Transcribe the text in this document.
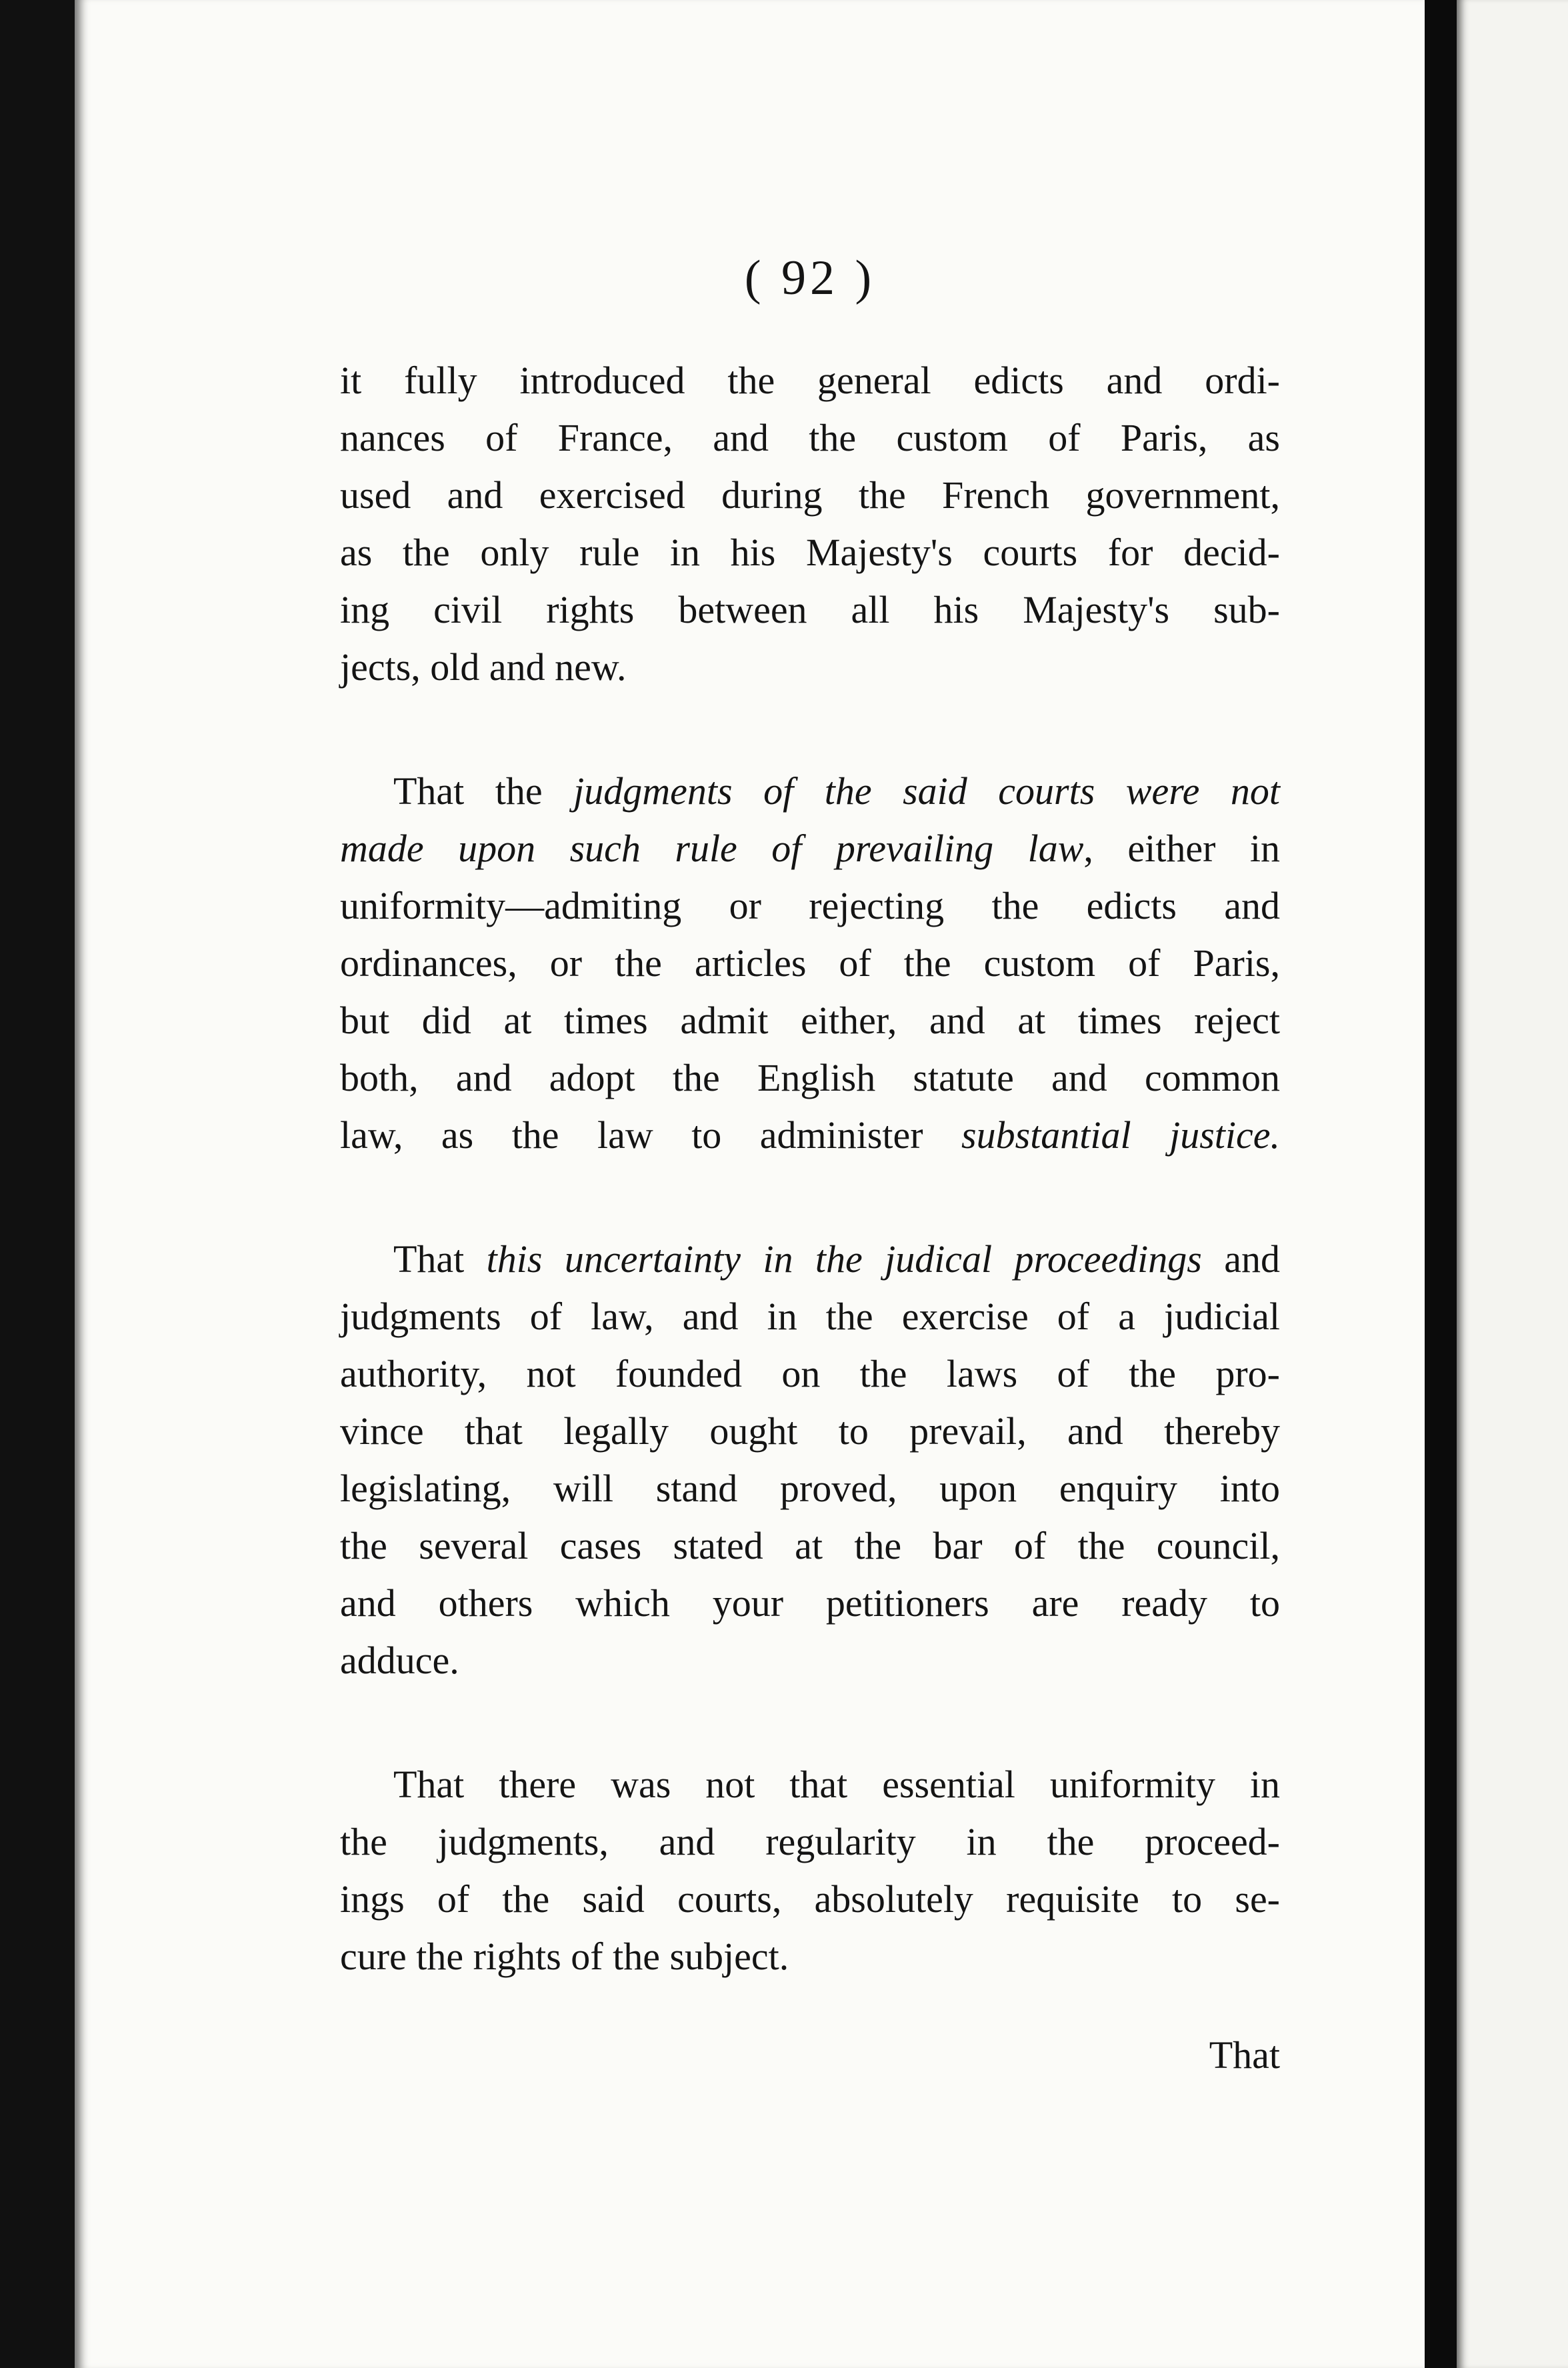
( 92 )
it fully introduced the general edicts and ordi-
nances of France, and the custom of Paris, as
used and exercised during the French government,
as the only rule in his Majesty's courts for decid-
ing civil rights between all his Majesty's sub-
jects, old and new.
That the judgments of the said courts were not
made upon such rule of prevailing law, either in
uniformity—admiting or rejecting the edicts and
ordinances, or the articles of the custom of Paris,
but did at times admit either, and at times reject
both, and adopt the English statute and common
law, as the law to administer substantial justice.
That this uncertainty in the judical proceedings and
judgments of law, and in the exercise of a judicial
authority, not founded on the laws of the pro-
vince that legally ought to prevail, and thereby
legislating, will stand proved, upon enquiry into
the several cases stated at the bar of the council,
and others which your petitioners are ready to
adduce.
That there was not that essential uniformity in
the judgments, and regularity in the proceed-
ings of the said courts, absolutely requisite to se-
cure the rights of the subject.
That
